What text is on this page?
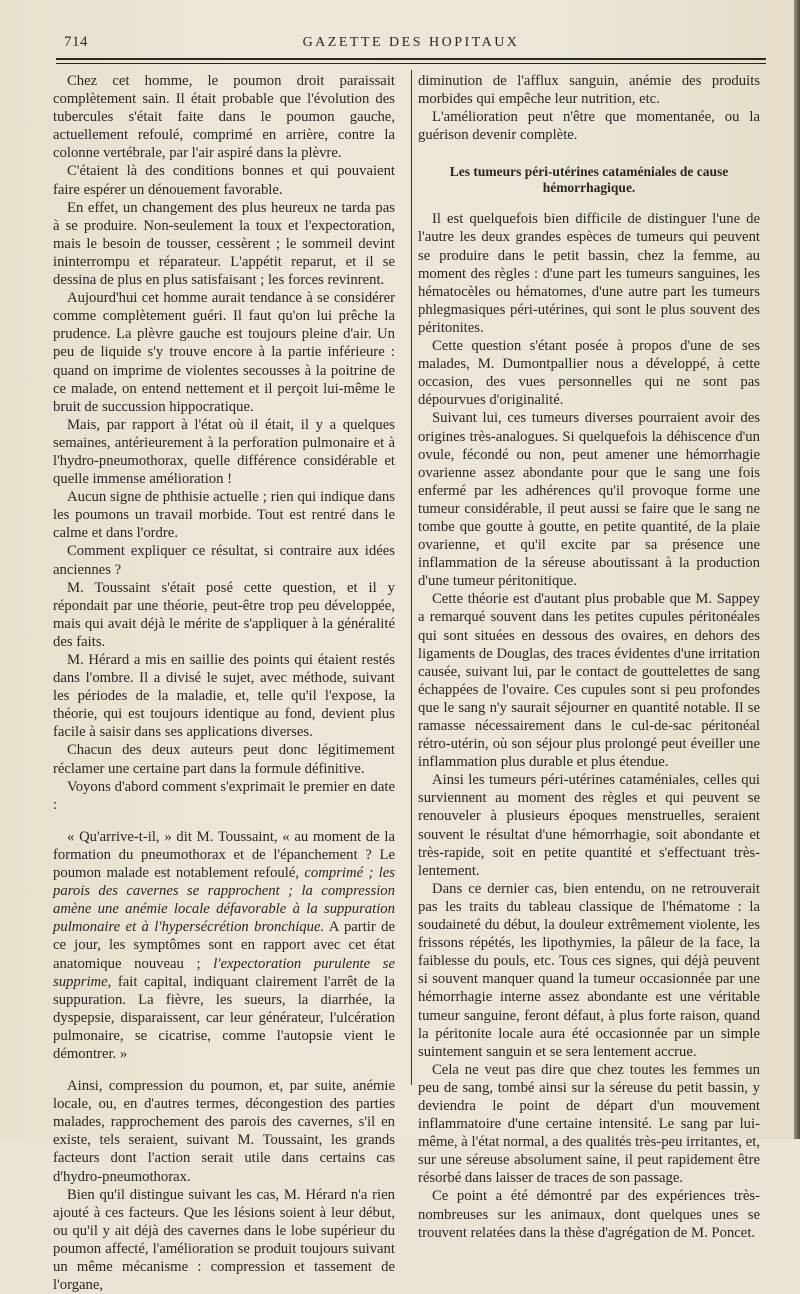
714	GAZETTE DES HOPITAUX

Chez cet homme, le poumon droit paraissait complètement sain. Il était probable que l'évolution des tubercules s'était faite dans le poumon gauche, actuellement refoulé, comprimé en arrière, contre la colonne vertébrale, par l'air aspiré dans la plèvre.

C'étaient là des conditions bonnes et qui pouvaient faire espérer un dénouement favorable.

En effet, un changement des plus heureux ne tarda pas à se produire. Non-seulement la toux et l'expectoration, mais le besoin de tousser, cessèrent ; le sommeil devint ininterrompu et réparateur. L'appétit reparut, et il se dessina de plus en plus satisfaisant ; les forces revinrent.

Aujourd'hui cet homme aurait tendance à se considérer comme complètement guéri. Il faut qu'on lui prêche la prudence. La plèvre gauche est toujours pleine d'air. Un peu de liquide s'y trouve encore à la partie inférieure : quand on imprime de violentes secousses à la poitrine de ce malade, on entend nettement et il perçoit lui-même le bruit de succussion hippocratique.

Mais, par rapport à l'état où il était, il y a quelques semaines, antérieurement à la perforation pulmonaire et à l'hydro-pneumothorax, quelle différence considérable et quelle immense amélioration !

Aucun signe de phthisie actuelle ; rien qui indique dans les poumons un travail morbide. Tout est rentré dans le calme et dans l'ordre.

Comment expliquer ce résultat, si contraire aux idées anciennes ?

M. Toussaint s'était posé cette question, et il y répondait par une théorie, peut-être trop peu développée, mais qui avait déjà le mérite de s'appliquer à la généralité des faits.

M. Hérard a mis en saillie des points qui étaient restés dans l'ombre. Il a divisé le sujet, avec méthode, suivant les périodes de la maladie, et, telle qu'il l'expose, la théorie, qui est toujours identique au fond, devient plus facile à saisir dans ses applications diverses.

Chacun des deux auteurs peut donc légitimement réclamer une certaine part dans la formule définitive.

Voyons d'abord comment s'exprimait le premier en date :

« Qu'arrive-t-il, » dit M. Toussaint, « au moment de la formation du pneumothorax et de l'épanchement ? Le poumon malade est notablement refoulé, comprimé ; les parois des cavernes se rapprochent ; la compression amène une anémie locale défavorable à la suppuration pulmonaire et à l'hypersécrétion bronchique. A partir de ce jour, les symptômes sont en rapport avec cet état anatomique nouveau ; l'expectoration purulente se supprime, fait capital, indiquant clairement l'arrêt de la suppuration. La fièvre, les sueurs, la diarrhée, la dyspepsie, disparaissent, car leur générateur, l'ulcération pulmonaire, se cicatrise, comme l'autopsie vient le démontrer. »

Ainsi, compression du poumon, et, par suite, anémie locale, ou, en d'autres termes, décongestion des parties malades, rapprochement des parois des cavernes, s'il en existe, tels seraient, suivant M. Toussaint, les grands facteurs dont l'action serait utile dans certains cas d'hydro-pneumothorax.

Bien qu'il distingue suivant les cas, M. Hérard n'a rien ajouté à ces facteurs. Que les lésions soient à leur début, ou qu'il y ait déjà des cavernes dans le lobe supérieur du poumon affecté, l'amélioration se produit toujours suivant un même mécanisme : compression et tassement de l'organe,

diminution de l'afflux sanguin, anémie des produits morbides qui empêche leur nutrition, etc.

L'amélioration peut n'être que momentanée, ou la guérison devenir complète.

Les tumeurs péri-utérines cataméniales de cause hémorrhagique.

Il est quelquefois bien difficile de distinguer l'une de l'autre les deux grandes espèces de tumeurs qui peuvent se produire dans le petit bassin, chez la femme, au moment des règles : d'une part les tumeurs sanguines, les hématocèles ou hématomes, d'une autre part les tumeurs phlegmasiques péri-utérines, qui sont le plus souvent des péritonites.

Cette question s'étant posée à propos d'une de ses malades, M. Dumontpallier nous a développé, à cette occasion, des vues personnelles qui ne sont pas dépourvues d'originalité.

Suivant lui, ces tumeurs diverses pourraient avoir des origines très-analogues. Si quelquefois la déhiscence d'un ovule, fécondé ou non, peut amener une hémorrhagie ovarienne assez abondante pour que le sang une fois enfermé par les adhérences qu'il provoque forme une tumeur considérable, il peut aussi se faire que le sang ne tombe que goutte à goutte, en petite quantité, de la plaie ovarienne, et qu'il excite par sa présence une inflammation de la séreuse aboutissant à la production d'une tumeur péritonitique.

Cette théorie est d'autant plus probable que M. Sappey a remarqué souvent dans les petites cupules péritonéales qui sont situées en dessous des ovaires, en dehors des ligaments de Douglas, des traces évidentes d'une irritation causée, suivant lui, par le contact de gouttelettes de sang échappées de l'ovaire. Ces cupules sont si peu profondes que le sang n'y saurait séjourner en quantité notable. Il se ramasse nécessairement dans le cul-de-sac péritonéal rétro-utérin, où son séjour plus prolongé peut éveiller une inflammation plus durable et plus étendue.

Ainsi les tumeurs péri-utérines cataméniales, celles qui surviennent au moment des règles et qui peuvent se renouveler à plusieurs époques menstruelles, seraient souvent le résultat d'une hémorrhagie, soit abondante et très-rapide, soit en petite quantité et s'effectuant très-lentement.

Dans ce dernier cas, bien entendu, on ne retrouverait pas les traits du tableau classique de l'hématome : la soudaineté du début, la douleur extrêmement violente, les frissons répétés, les lipothymies, la pâleur de la face, la faiblesse du pouls, etc. Tous ces signes, qui déjà peuvent si souvent manquer quand la tumeur occasionnée par une hémorrhagie interne assez abondante est une véritable tumeur sanguine, feront défaut, à plus forte raison, quand la péritonite locale aura été occasionnée par un simple suintement sanguin et se sera lentement accrue.

Cela ne veut pas dire que chez toutes les femmes un peu de sang, tombé ainsi sur la séreuse du petit bassin, y deviendra le point de départ d'un mouvement inflammatoire d'une certaine intensité. Le sang par lui-même, à l'état normal, a des qualités très-peu irritantes, et, sur une séreuse absolument saine, il peut rapidement être résorbé dans laisser de traces de son passage.

Ce point a été démontré par des expériences très-nombreuses sur les animaux, dont quelques unes se trouvent relatées dans la thèse d'agrégation de M. Poncet.
